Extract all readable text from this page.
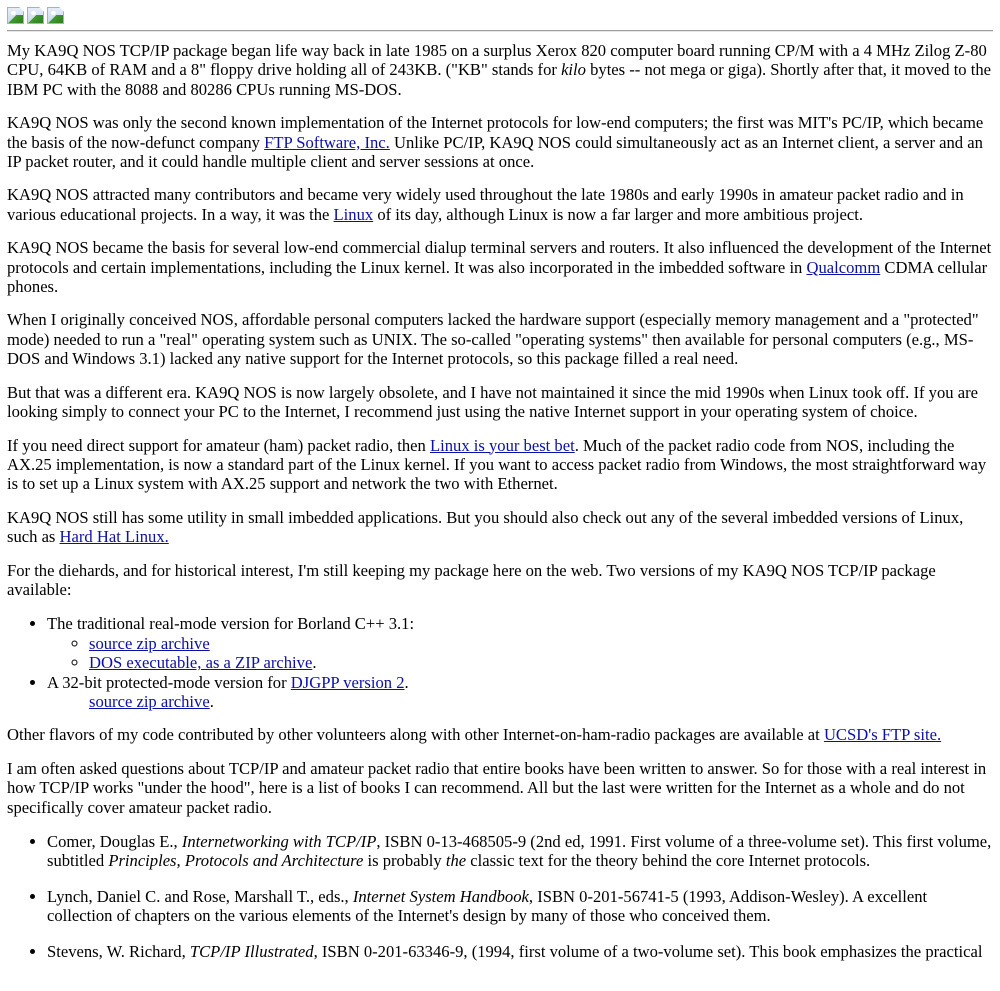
My KA9Q NOS TCP/IP package began life way back in late 1985 on a surplus Xerox 820 computer board running CP/M with a 4 MHz Zilog Z-80 CPU, 64KB of RAM and a 8" floppy drive holding all of 243KB. ("KB" stands for kilo bytes -- not mega or giga). Shortly after that, it moved to the IBM PC with the 8088 and 80286 CPUs running MS-DOS.

KA9Q NOS was only the second known implementation of the Internet protocols for low-end computers; the first was MIT's PC/IP, which became the basis of the now-defunct company FTP Software, Inc. Unlike PC/IP, KA9Q NOS could simultaneously act as an Internet client, a server and an IP packet router, and it could handle multiple client and server sessions at once.

KA9Q NOS attracted many contributors and became very widely used throughout the late 1980s and early 1990s in amateur packet radio and in various educational projects. In a way, it was the Linux of its day, although Linux is now a far larger and more ambitious project.

KA9Q NOS became the basis for several low-end commercial dialup terminal servers and routers. It also influenced the development of the Internet protocols and certain implementations, including the Linux kernel. It was also incorporated in the imbedded software in Qualcomm CDMA cellular phones.

When I originally conceived NOS, affordable personal computers lacked the hardware support (especially memory management and a "protected" mode) needed to run a "real" operating system such as UNIX. The so-called "operating systems" then available for personal computers (e.g., MS-DOS and Windows 3.1) lacked any native support for the Internet protocols, so this package filled a real need.

But that was a different era. KA9Q NOS is now largely obsolete, and I have not maintained it since the mid 1990s when Linux took off. If you are looking simply to connect your PC to the Internet, I recommend just using the native Internet support in your operating system of choice.

If you need direct support for amateur (ham) packet radio, then Linux is your best bet. Much of the packet radio code from NOS, including the AX.25 implementation, is now a standard part of the Linux kernel. If you want to access packet radio from Windows, the most straightforward way is to set up a Linux system with AX.25 support and network the two with Ethernet.

KA9Q NOS still has some utility in small imbedded applications. But you should also check out any of the several imbedded versions of Linux, such as Hard Hat Linux.

For the diehards, and for historical interest, I'm still keeping my package here on the web. Two versions of my KA9Q NOS TCP/IP package available:

• The traditional real-mode version for Borland C++ 3.1:
◦ source zip archive
◦ DOS executable, as a ZIP archive.
• A 32-bit protected-mode version for DJGPP version 2.
source zip archive.

Other flavors of my code contributed by other volunteers along with other Internet-on-ham-radio packages are available at UCSD's FTP site.

I am often asked questions about TCP/IP and amateur packet radio that entire books have been written to answer. So for those with a real interest in how TCP/IP works "under the hood", here is a list of books I can recommend. All but the last were written for the Internet as a whole and do not specifically cover amateur packet radio.

• Comer, Douglas E., Internetworking with TCP/IP, ISBN 0-13-468505-9 (2nd ed, 1991. First volume of a three-volume set). This first volume, subtitled Principles, Protocols and Architecture is probably the classic text for the theory behind the core Internet protocols.
• Lynch, Daniel C. and Rose, Marshall T., eds., Internet System Handbook, ISBN 0-201-56741-5 (1993, Addison-Wesley). A excellent collection of chapters on the various elements of the Internet's design by many of those who conceived them.
• Stevens, W. Richard, TCP/IP Illustrated, ISBN 0-201-63346-9, (1994, first volume of a two-volume set). This book emphasizes the practical
